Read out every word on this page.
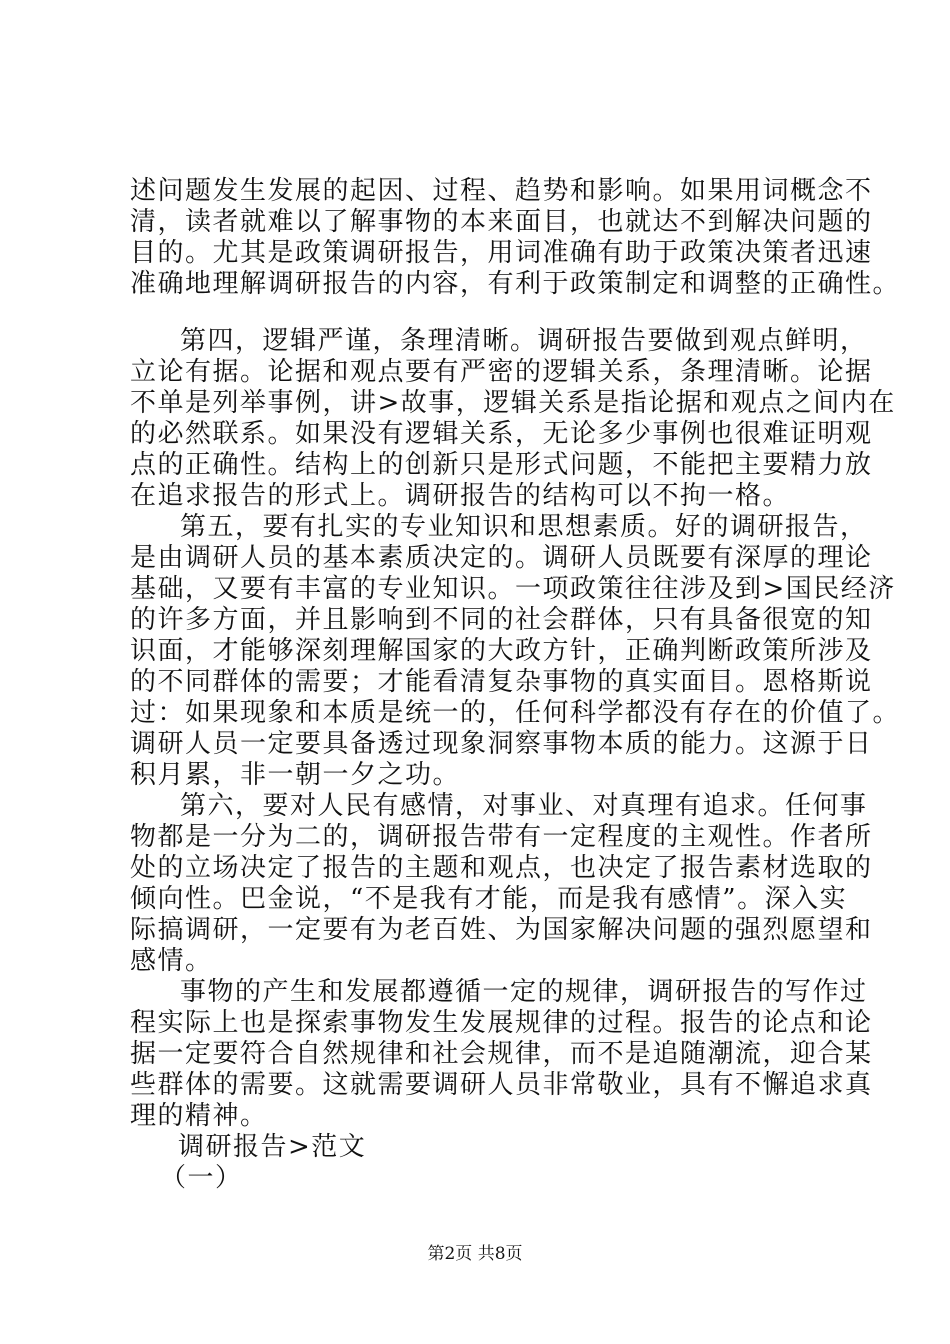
述问题发生发展的起因、过程、趋势和影响。如果用词概念不
清，读者就难以了解事物的本来面目，也就达不到解决问题的
目的。尤其是政策调研报告，用词准确有助于政策决策者迅速
准确地理解调研报告的内容，有利于政策制定和调整的正确性。
第四，逻辑严谨，条理清晰。调研报告要做到观点鲜明，
立论有据。论据和观点要有严密的逻辑关系，条理清晰。论据
不单是列举事例，讲>故事，逻辑关系是指论据和观点之间内在
的必然联系。如果没有逻辑关系，无论多少事例也很难证明观
点的正确性。结构上的创新只是形式问题，不能把主要精力放
在追求报告的形式上。调研报告的结构可以不拘一格。
第五，要有扎实的专业知识和思想素质。好的调研报告，
是由调研人员的基本素质决定的。调研人员既要有深厚的理论
基础，又要有丰富的专业知识。一项政策往往涉及到>国民经济
的许多方面，并且影响到不同的社会群体，只有具备很宽的知
识面，才能够深刻理解国家的大政方针，正确判断政策所涉及
的不同群体的需要；才能看清复杂事物的真实面目。恩格斯说
过：如果现象和本质是统一的，任何科学都没有存在的价值了。
调研人员一定要具备透过现象洞察事物本质的能力。这源于日
积月累，非一朝一夕之功。
第六，要对人民有感情，对事业、对真理有追求。任何事
物都是一分为二的，调研报告带有一定程度的主观性。作者所
处的立场决定了报告的主题和观点，也决定了报告素材选取的
倾向性。巴金说，“不是我有才能，而是我有感情”。深入实
际搞调研，一定要有为老百姓、为国家解决问题的强烈愿望和
感情。
事物的产生和发展都遵循一定的规律，调研报告的写作过
程实际上也是探索事物发生发展规律的过程。报告的论点和论
据一定要符合自然规律和社会规律，而不是追随潮流，迎合某
些群体的需要。这就需要调研人员非常敬业，具有不懈追求真
理的精神。
调研报告>范文
（一）
第2页 共8页
